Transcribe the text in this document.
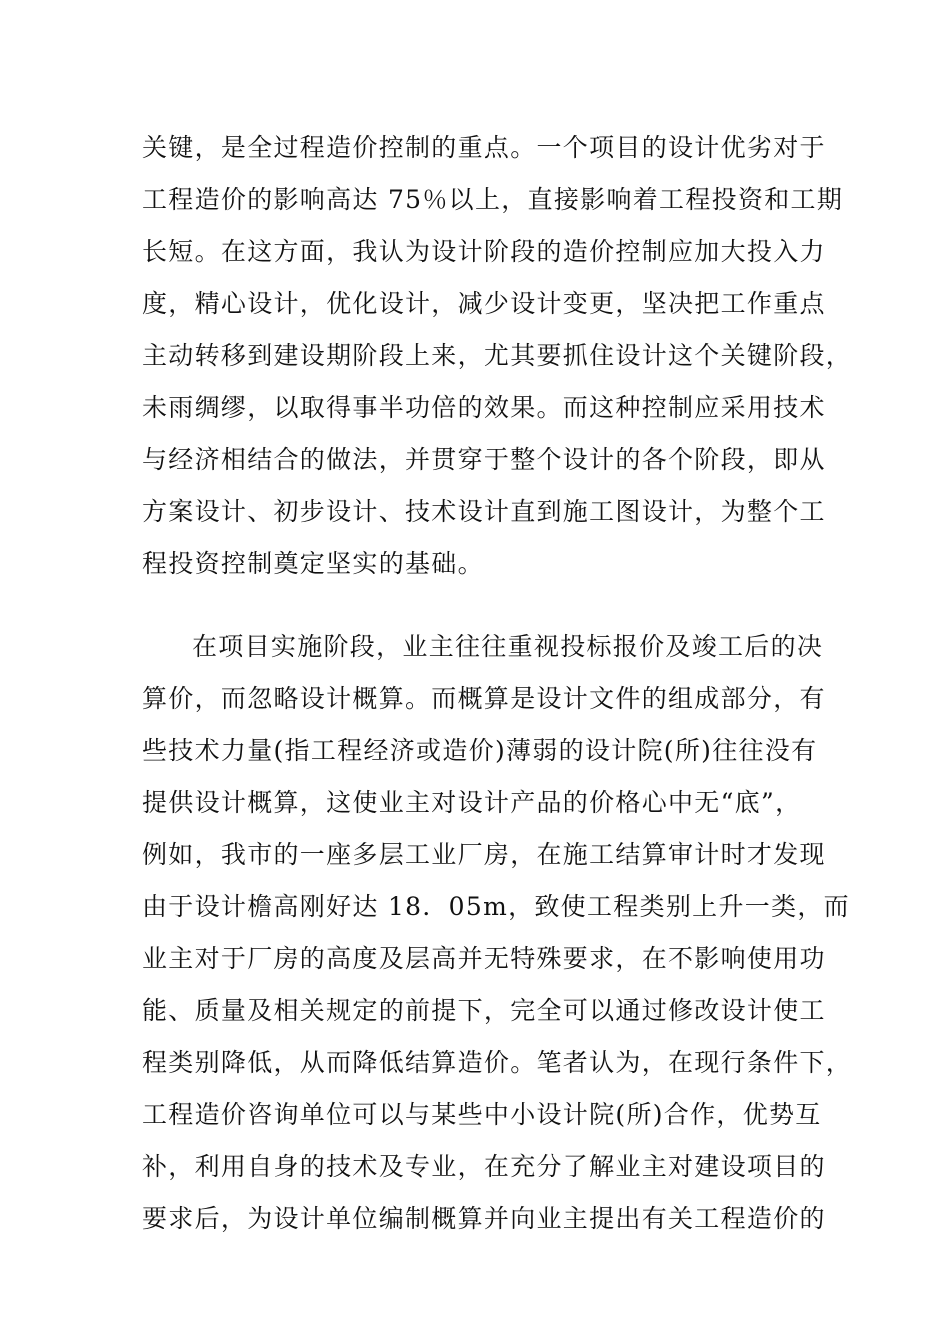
关键，是全过程造价控制的重点。一个项目的设计优劣对于
工程造价的影响高达 75％以上，直接影响着工程投资和工期
长短。在这方面，我认为设计阶段的造价控制应加大投入力
度，精心设计，优化设计，减少设计变更，坚决把工作重点
主动转移到建设期阶段上来，尤其要抓住设计这个关键阶段，
未雨绸缪，以取得事半功倍的效果。而这种控制应采用技术
与经济相结合的做法，并贯穿于整个设计的各个阶段，即从
方案设计、初步设计、技术设计直到施工图设计，为整个工
程投资控制奠定坚实的基础。
在项目实施阶段，业主往往重视投标报价及竣工后的决
算价，而忽略设计概算。而概算是设计文件的组成部分，有
些技术力量(指工程经济或造价)薄弱的设计院(所)往往没有
提供设计概算，这使业主对设计产品的价格心中无“底”，
例如，我市的一座多层工业厂房，在施工结算审计时才发现
由于设计檐高刚好达 18．05m，致使工程类别上升一类，而
业主对于厂房的高度及层高并无特殊要求，在不影响使用功
能、质量及相关规定的前提下，完全可以通过修改设计使工
程类别降低，从而降低结算造价。笔者认为，在现行条件下，
工程造价咨询单位可以与某些中小设计院(所)合作，优势互
补，利用自身的技术及专业，在充分了解业主对建设项目的
要求后，为设计单位编制概算并向业主提出有关工程造价的
